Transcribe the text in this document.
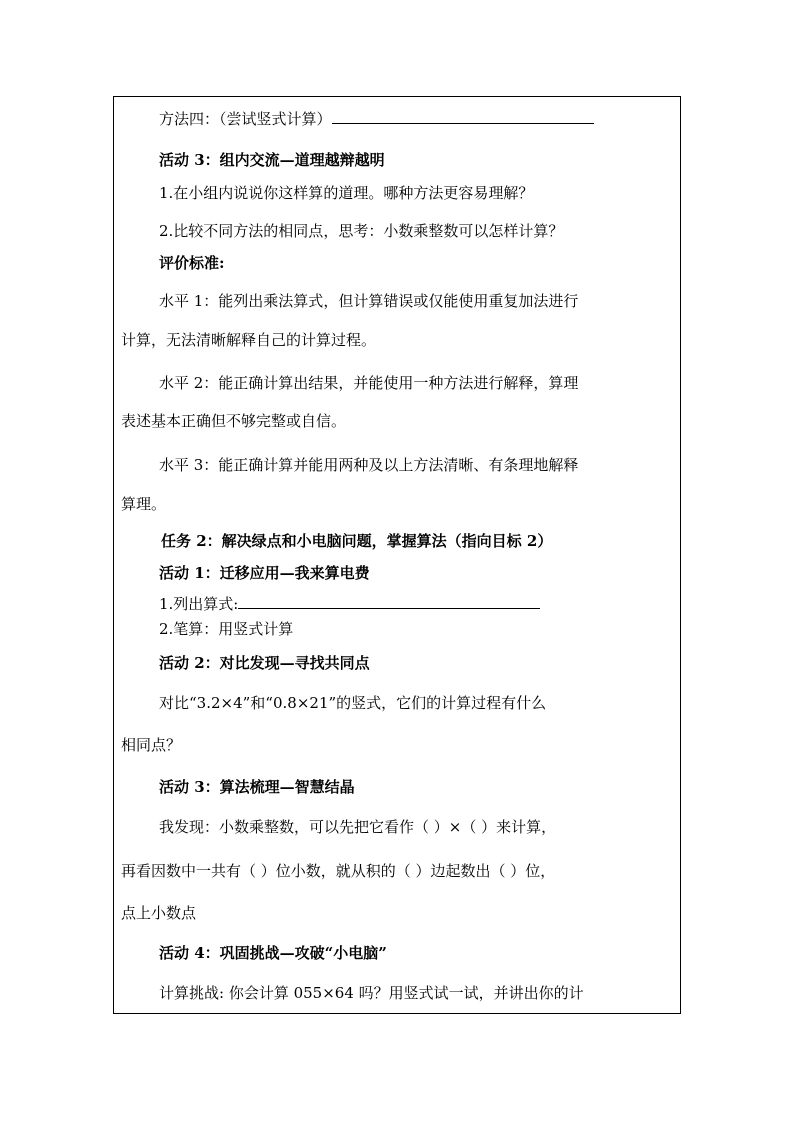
方法四：（尝试竖式计算）
活动 3：组内交流—道理越辩越明
1.在小组内说说你这样算的道理。哪种方法更容易理解？
2.比较不同方法的相同点，思考：小数乘整数可以怎样计算？
评价标准:
水平 1：能列出乘法算式，但计算错误或仅能使用重复加法进行
计算，无法清晰解释自己的计算过程。
水平 2：能正确计算出结果，并能使用一种方法进行解释，算理
表述基本正确但不够完整或自信。
水平 3：能正确计算并能用两种及以上方法清晰、有条理地解释
算理。
任务 2：解决绿点和小电脑问题，掌握算法（指向目标 2）
活动 1：迁移应用—我来算电费
1.列出算式:
2.笔算：用竖式计算
活动 2：对比发现—寻找共同点
对比“3.2×4”和“0.8×21”的竖式，它们的计算过程有什么
相同点？
活动 3：算法梳理—智慧结晶
我发现：小数乘整数，可以先把它看作（ ）×（ ）来计算，
再看因数中一共有（ ）位小数，就从积的（ ）边起数出（ ）位，
点上小数点
活动 4：巩固挑战—攻破“小电脑”
计算挑战: 你会计算 055×64 吗？用竖式试一试，并讲出你的计
